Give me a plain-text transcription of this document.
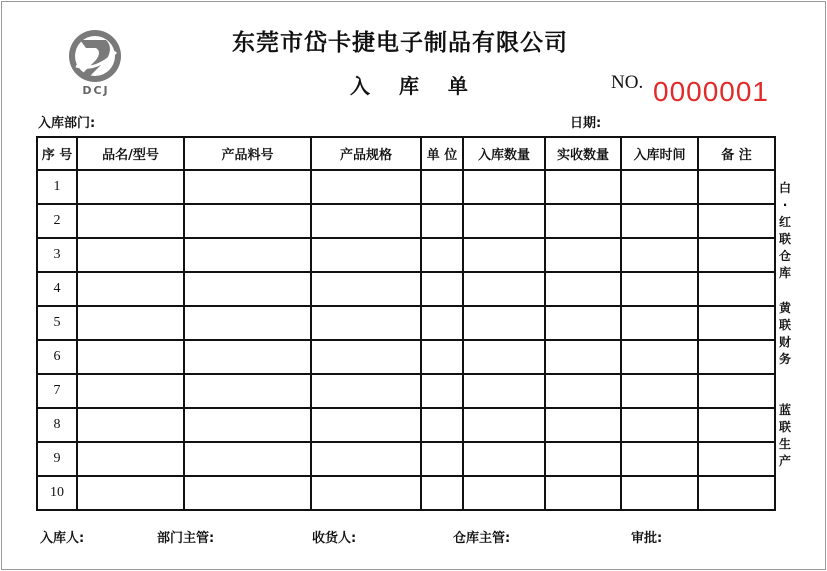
DCJ
东莞市岱卡捷电子制品有限公司
入 库 单	NO. 0000001
入库部门:	日期:
序 号	品名/型号	产品料号	产品规格	单 位	入库数量	实收数量	入库时间	备 注
1								
2								
3								
4								
5								
6								
7								
8								
9								
10								
白
·
红
联
仓
库
黄
联
财
务
蓝
联
生
产
入库人:	部门主管:	收货人:	仓库主管:	审批:
